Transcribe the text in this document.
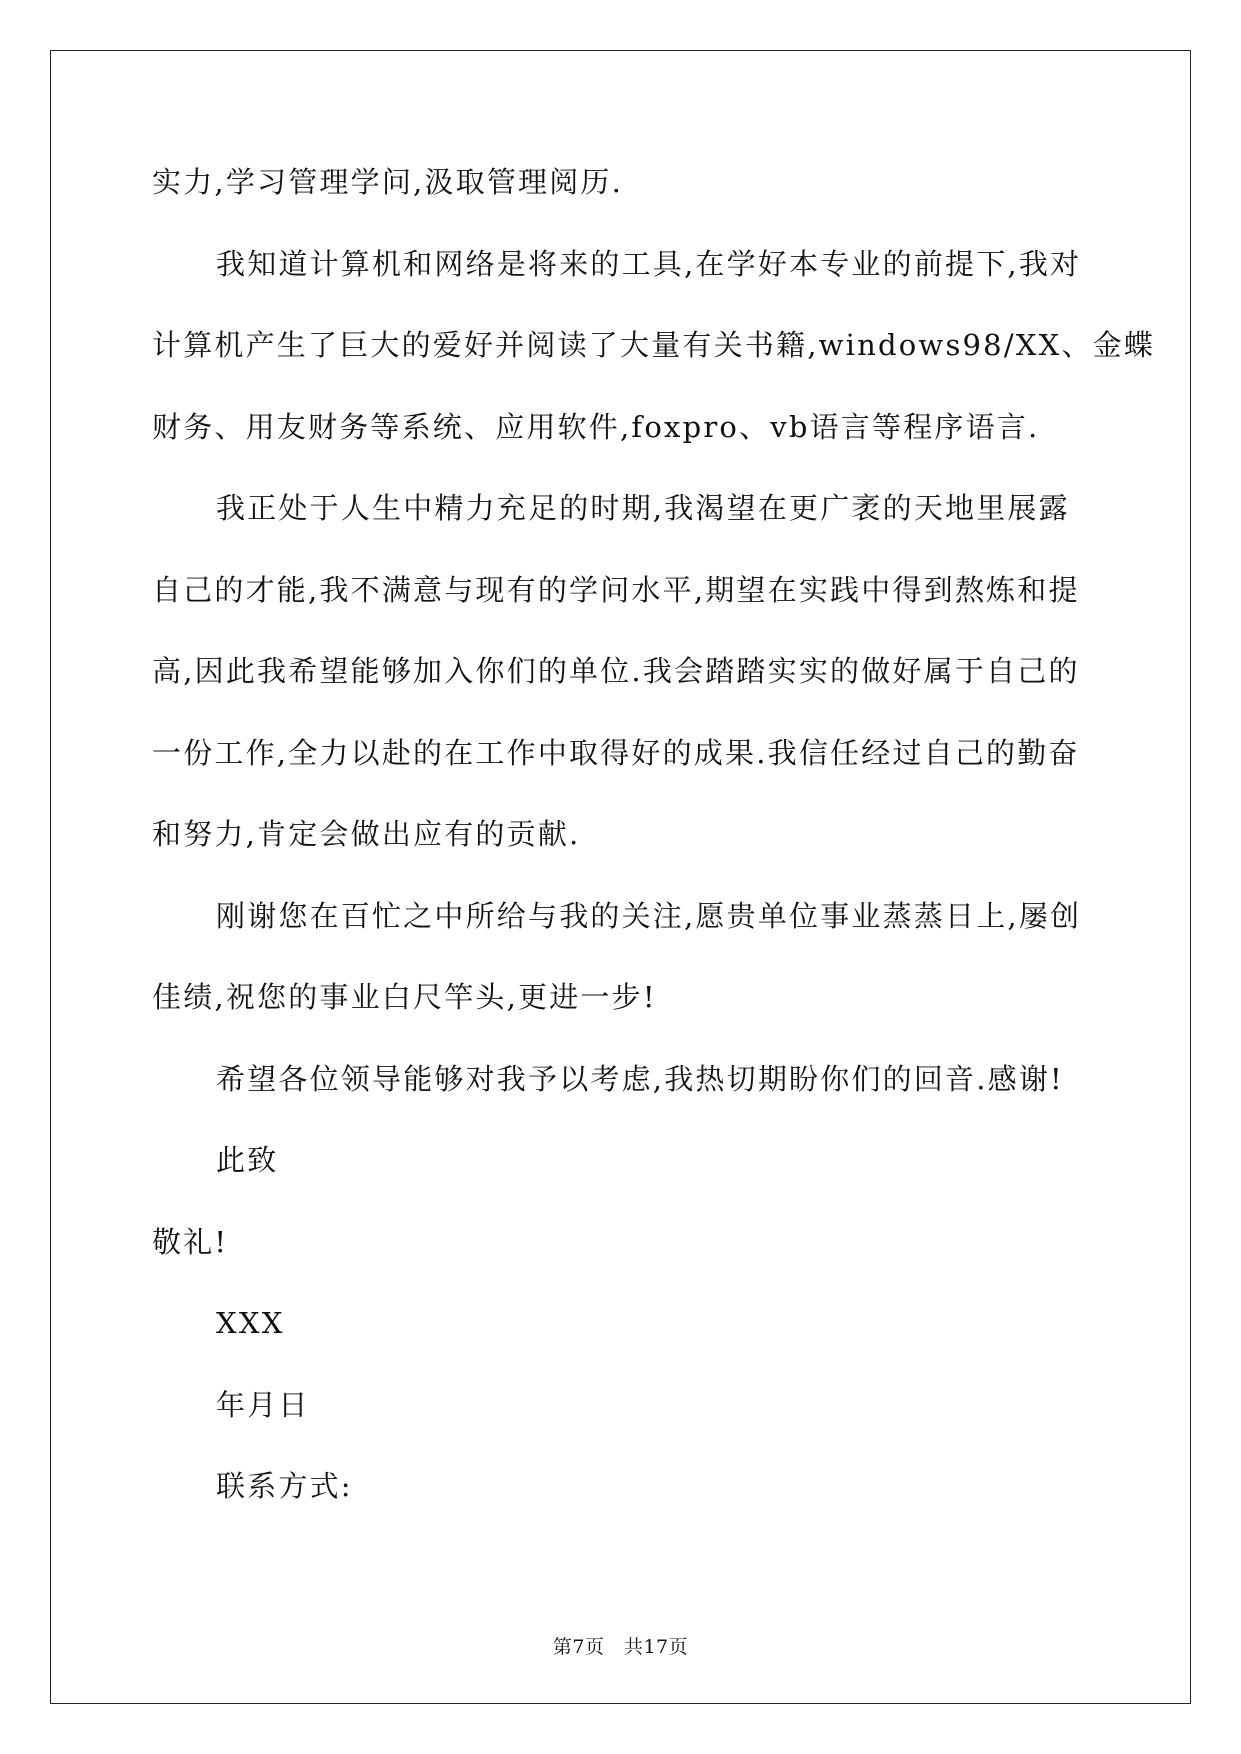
实力,学习管理学问,汲取管理阅历.
我知道计算机和网络是将来的工具,在学好本专业的前提下,我对
计算机产生了巨大的爱好并阅读了大量有关书籍,windows98/XX、金蝶
财务、用友财务等系统、应用软件,foxpro、vb语言等程序语言.
我正处于人生中精力充足的时期,我渴望在更广袤的天地里展露
自己的才能,我不满意与现有的学问水平,期望在实践中得到熬炼和提
高,因此我希望能够加入你们的单位.我会踏踏实实的做好属于自己的
一份工作,全力以赴的在工作中取得好的成果.我信任经过自己的勤奋
和努力,肯定会做出应有的贡献.
刚谢您在百忙之中所给与我的关注,愿贵单位事业蒸蒸日上,屡创
佳绩,祝您的事业白尺竿头,更进一步!
希望各位领导能够对我予以考虑,我热切期盼你们的回音.感谢!
此致
敬礼!
XXX
年月日
联系方式:
第7页　共17页
